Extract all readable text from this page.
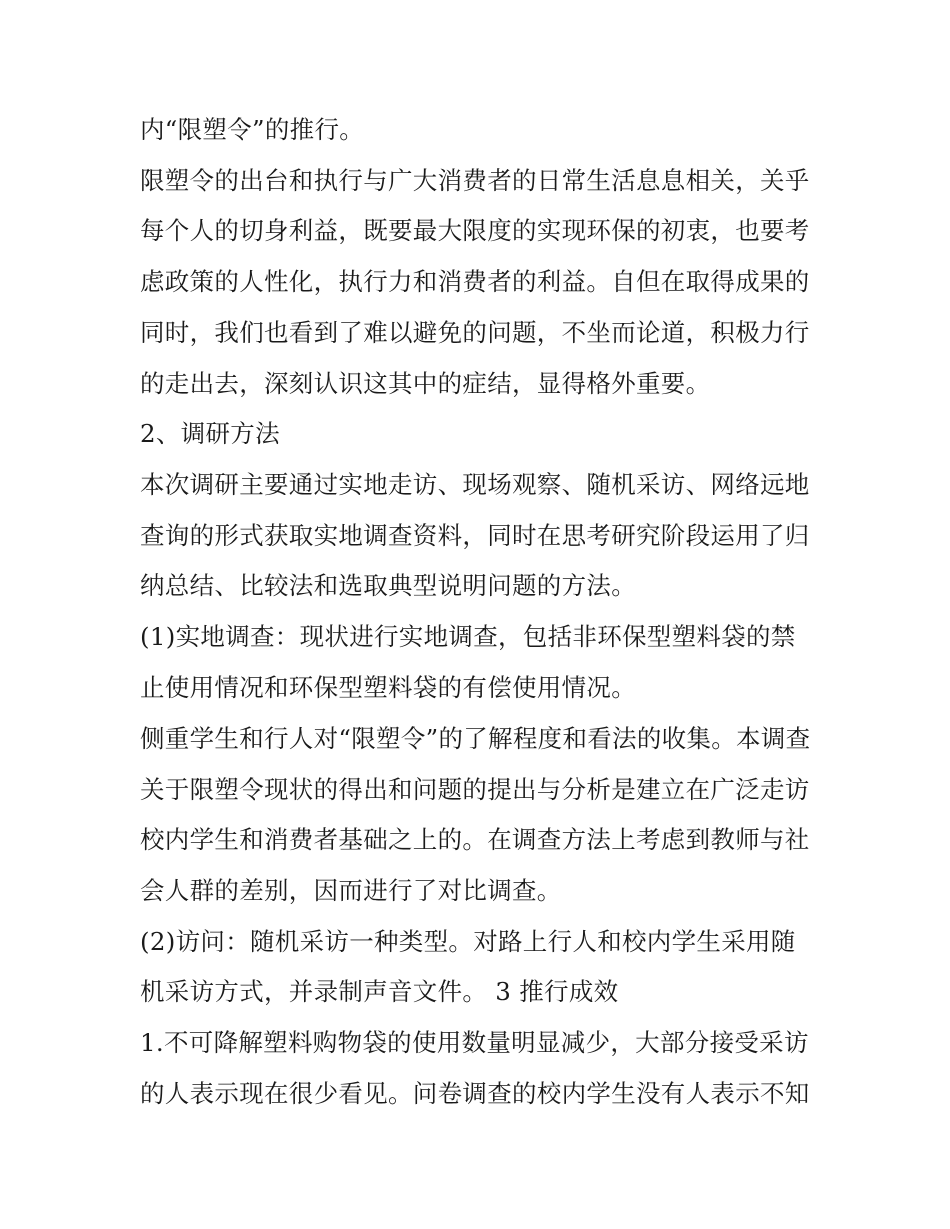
内“限塑令”的推行。
限塑令的出台和执行与广大消费者的日常生活息息相关，关乎
每个人的切身利益，既要最大限度的实现环保的初衷，也要考
虑政策的人性化，执行力和消费者的利益。自但在取得成果的
同时，我们也看到了难以避免的问题，不坐而论道，积极力行
的走出去，深刻认识这其中的症结，显得格外重要。
2、调研方法
本次调研主要通过实地走访、现场观察、随机采访、网络远地
查询的形式获取实地调查资料，同时在思考研究阶段运用了归
纳总结、比较法和选取典型说明问题的方法。
(1)实地调查：现状进行实地调查，包括非环保型塑料袋的禁
止使用情况和环保型塑料袋的有偿使用情况。
侧重学生和行人对“限塑令”的了解程度和看法的收集。本调查
关于限塑令现状的得出和问题的提出与分析是建立在广泛走访
校内学生和消费者基础之上的。在调查方法上考虑到教师与社
会人群的差别，因而进行了对比调查。
(2)访问：随机采访一种类型。对路上行人和校内学生采用随
机采访方式，并录制声音文件。 3 推行成效
1.不可降解塑料购物袋的使用数量明显减少，大部分接受采访
的人表示现在很少看见。问卷调查的校内学生没有人表示不知
